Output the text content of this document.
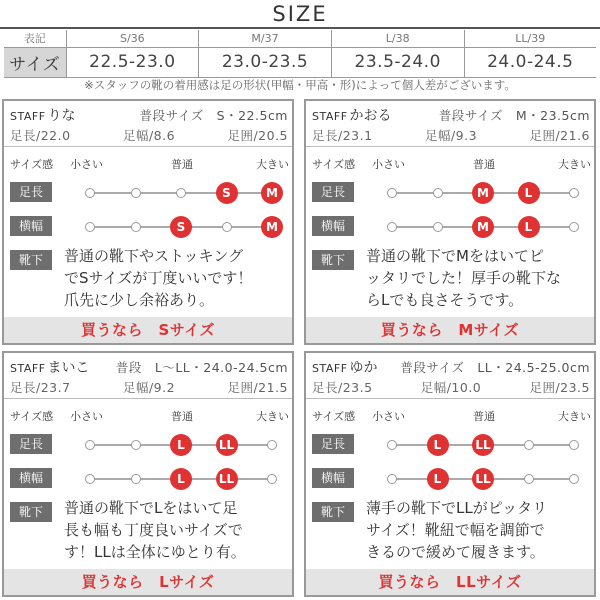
SIZE
表記	S/36	M/37	L/38	LL/39
サイズ	22.5-23.0	23.0-23.5	23.5-24.0	24.0-24.5
※スタッフの靴の着用感は足の形状(甲幅・甲高・形)によって個人差がございます。
STAFF りな	普段サイズ　S・22.5cm
足長/22.0	足幅/8.6	足囲/20.5
サイズ感 小さい	普通	大きい
足長
横幅
靴下
S	M
S	M
普通の靴下やストッキング
でSサイズが丁度いいです！
爪先に少し余裕あり。
買うなら　Sサイズ
STAFF かおる	普段サイズ　M・23.5cm
足長/23.1	足幅/9.3	足囲/21.6
サイズ感 小さい	普通	大きい
足長
横幅
靴下
M	L
M	L
普通の靴下でMをはいてピ
ッタリでした！厚手の靴下な
らLでも良さそうです。
買うなら　Mサイズ
STAFF まいこ 普段　L～LL・24.0-24.5cm
足長/23.7	足幅/9.2	足囲/21.5
サイズ感 小さい	普通	大きい
足長
横幅
靴下
L	LL
L	LL
普通の靴下でLをはいて足
長も幅も丁度良いサイズで
す！LLは全体にゆとり有。
買うなら　Lサイズ
STAFF ゆか 普段サイズ　LL・24.5-25.0cm
足長/23.5	足幅/10.0	足囲/23.5
サイズ感 小さい	普通	大きい
足長
横幅
靴下
L	LL
L	LL
薄手の靴下でLLがピッタリ
サイズ！靴紐で幅を調節で
きるので緩めて履きます。
買うなら　LLサイズ
